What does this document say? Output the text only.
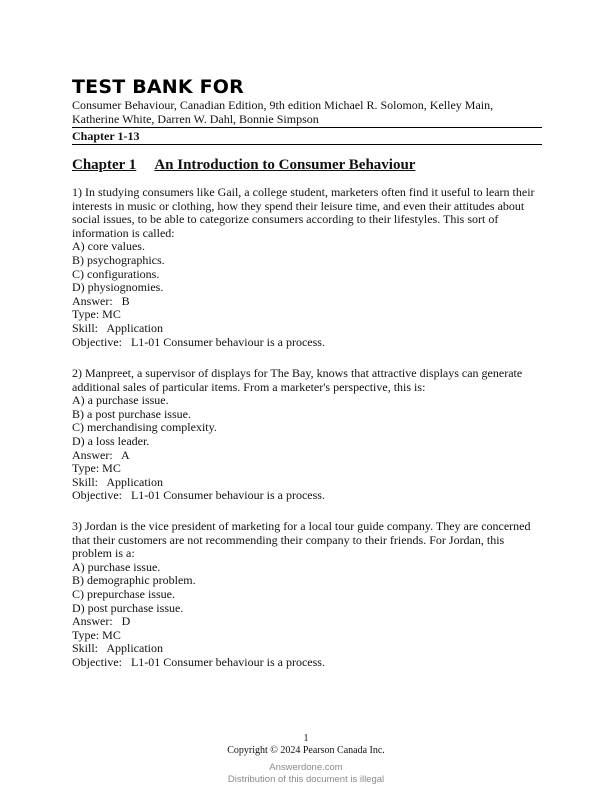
TEST BANK FOR
Consumer Behaviour, Canadian Edition, 9th edition Michael R. Solomon, Kelley Main, Katherine White, Darren W. Dahl, Bonnie Simpson
Chapter 1-13
Chapter 1 An Introduction to Consumer Behaviour

1) In studying consumers like Gail, a college student, marketers often find it useful to learn their interests in music or clothing, how they spend their leisure time, and even their attitudes about social issues, to be able to categorize consumers according to their lifestyles. This sort of information is called:

A) core values.
B) psychographics.
C) configurations.
D) physiognomies.
Answer:   B
Type: MC
Skill:   Application
Objective:   L1-01 Consumer behaviour is a process.

2) Manpreet, a supervisor of displays for The Bay, knows that attractive displays can generate additional sales of particular items. From a marketer's perspective, this is:

A) a purchase issue.
B) a post purchase issue.
C) merchandising complexity.
D) a loss leader.
Answer:   A
Type: MC
Skill:   Application
Objective:   L1-01 Consumer behaviour is a process.

3) Jordan is the vice president of marketing for a local tour guide company. They are concerned that their customers are not recommending their company to their friends. For Jordan, this problem is a:

A) purchase issue.
B) demographic problem.
C) prepurchase issue.
D) post purchase issue.
Answer:   D
Type: MC
Skill:   Application
Objective:   L1-01 Consumer behaviour is a process.
1
Copyright © 2024 Pearson Canada Inc.
Answerdone.com
Distribution of this document is illegal
